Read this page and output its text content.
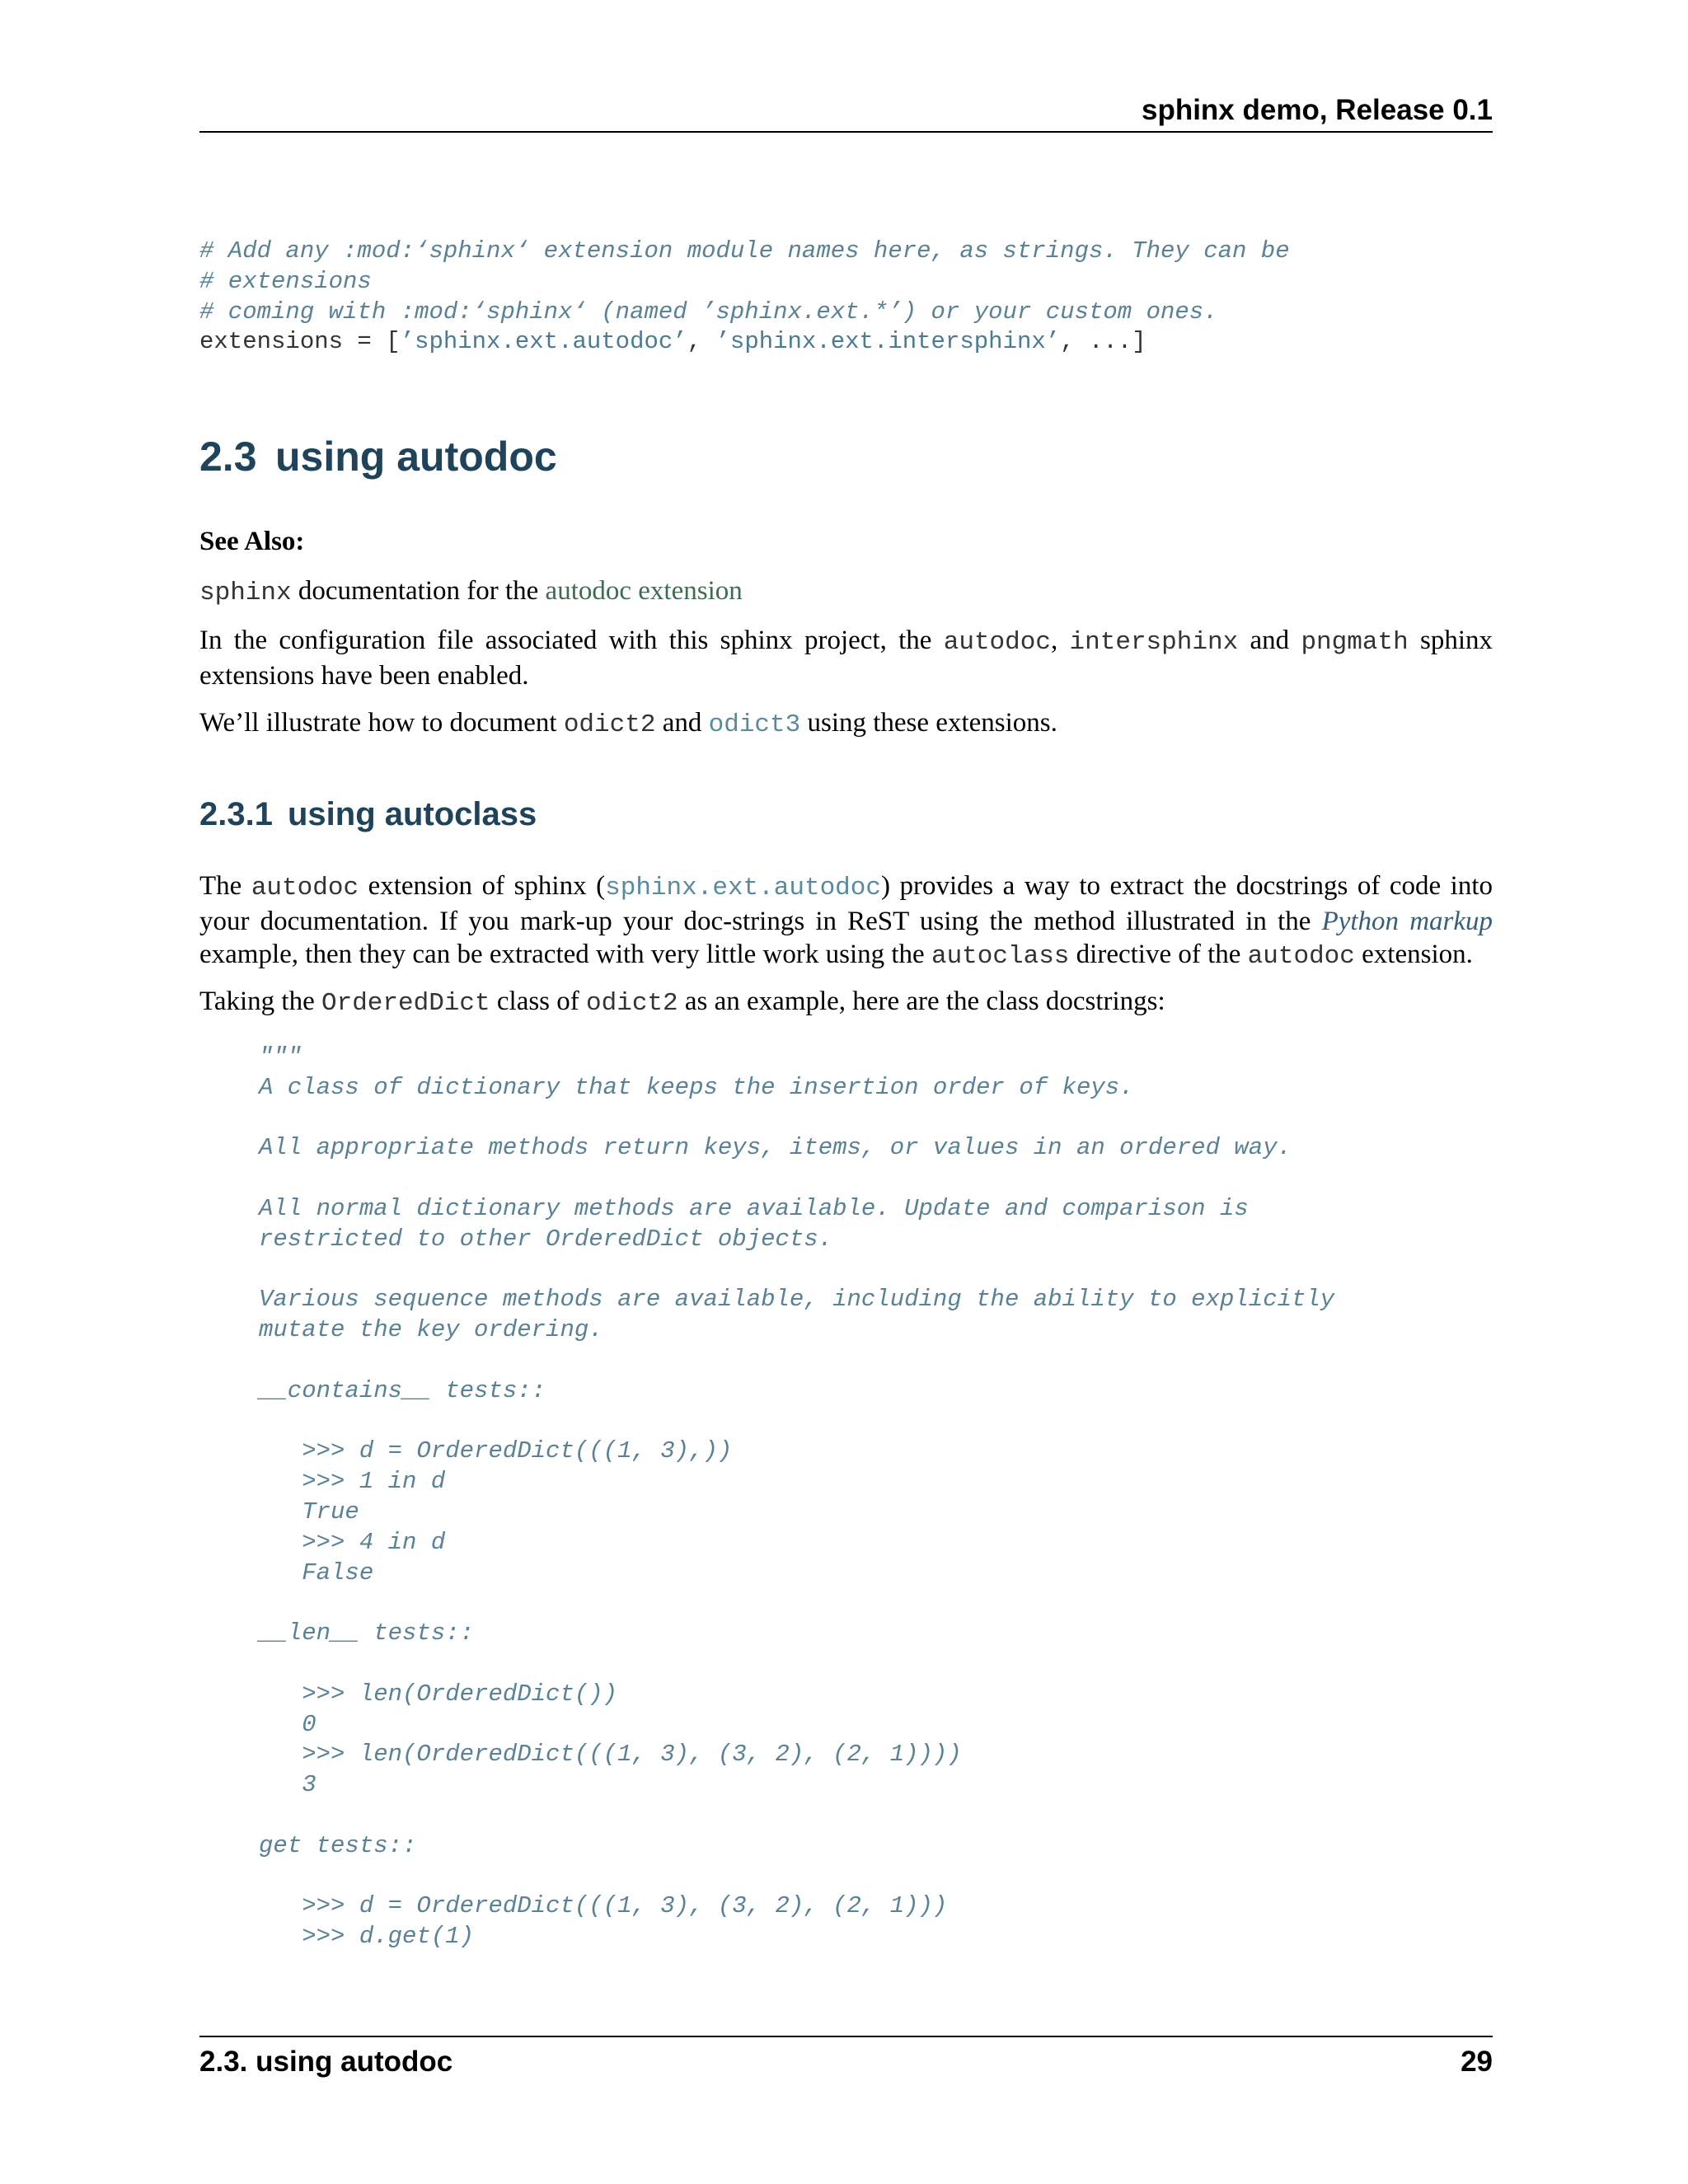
sphinx demo, Release 0.1
# Add any :mod:‘sphinx‘ extension module names here, as strings. They can be
# extensions
# coming with :mod:‘sphinx‘ (named ’sphinx.ext.*’) or your custom ones.
extensions = [’sphinx.ext.autodoc’, ’sphinx.ext.intersphinx’, ...]
2.3 using autodoc
See Also:

sphinx documentation for the autodoc extension

In the configuration file associated with this sphinx project, the autodoc, intersphinx and pngmath sphinx extensions have been enabled.

We’ll illustrate how to document odict2 and odict3 using these extensions.

2.3.1 using autoclass

The autodoc extension of sphinx (sphinx.ext.autodoc) provides a way to extract the docstrings of code into your documentation. If you mark-up your doc-strings in ReST using the method illustrated in the Python markup example, then they can be extracted with very little work using the autoclass directive of the autodoc extension.

Taking the OrderedDict class of odict2 as an example, here are the class docstrings:

"""
A class of dictionary that keeps the insertion order of keys.

All appropriate methods return keys, items, or values in an ordered way.

All normal dictionary methods are available. Update and comparison is
restricted to other OrderedDict objects.

Various sequence methods are available, including the ability to explicitly
mutate the key ordering.

__contains__ tests::

>>> d = OrderedDict(((1, 3),))
>>> 1 in d
True
>>> 4 in d
False

__len__ tests::

>>> len(OrderedDict())
0
>>> len(OrderedDict(((1, 3), (3, 2), (2, 1))))
3

get tests::

>>> d = OrderedDict(((1, 3), (3, 2), (2, 1)))
>>> d.get(1)
2.3. using autodoc	29
